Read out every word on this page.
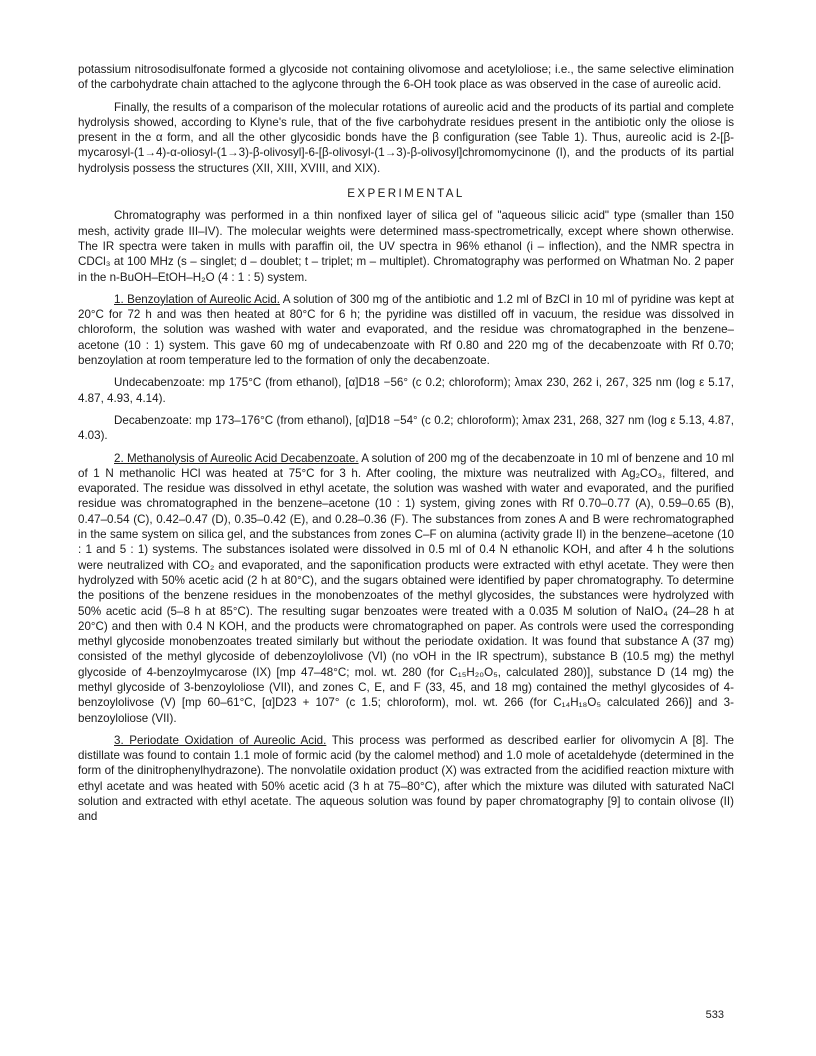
potassium nitrosodisulfonate formed a glycoside not containing olivomose and acetyloliose; i.e., the same selective elimination of the carbohydrate chain attached to the aglycone through the 6-OH took place as was observed in the case of aureolic acid.

Finally, the results of a comparison of the molecular rotations of aureolic acid and the products of its partial and complete hydrolysis showed, according to Klyne's rule, that of the five carbohydrate residues present in the antibiotic only the oliose is present in the α form, and all the other glycosidic bonds have the β configuration (see Table 1). Thus, aureolic acid is 2-[β-mycarosyl-(1→4)-α-oliosyl-(1→3)-β-olivosyl]-6-[β-olivosyl-(1→3)-β-olivosyl]chromomycinone (I), and the products of its partial hydrolysis possess the structures (XII, XIII, XVIII, and XIX).

EXPERIMENTAL

Chromatography was performed in a thin nonfixed layer of silica gel of "aqueous silicic acid" type (smaller than 150 mesh, activity grade III–IV). The molecular weights were determined mass-spectrometrically, except where shown otherwise. The IR spectra were taken in mulls with paraffin oil, the UV spectra in 96% ethanol (i – inflection), and the NMR spectra in CDCl₃ at 100 MHz (s – singlet; d – doublet; t – triplet; m – multiplet). Chromatography was performed on Whatman No. 2 paper in the n-BuOH–EtOH–H₂O (4 : 1 : 5) system.

1. Benzoylation of Aureolic Acid. A solution of 300 mg of the antibiotic and 1.2 ml of BzCl in 10 ml of pyridine was kept at 20°C for 72 h and was then heated at 80°C for 6 h; the pyridine was distilled off in vacuum, the residue was dissolved in chloroform, the solution was washed with water and evaporated, and the residue was chromatographed in the benzene–acetone (10 : 1) system. This gave 60 mg of undecabenzoate with Rf 0.80 and 220 mg of the decabenzoate with Rf 0.70; benzoylation at room temperature led to the formation of only the decabenzoate.

Undecabenzoate: mp 175°C (from ethanol), [α]D18 −56° (c 0.2; chloroform); λmax 230, 262 i, 267, 325 nm (log ε 5.17, 4.87, 4.93, 4.14).

Decabenzoate: mp 173–176°C (from ethanol), [α]D18 −54° (c 0.2; chloroform); λmax 231, 268, 327 nm (log ε 5.13, 4.87, 4.03).

2. Methanolysis of Aureolic Acid Decabenzoate. A solution of 200 mg of the decabenzoate in 10 ml of benzene and 10 ml of 1 N methanolic HCl was heated at 75°C for 3 h. After cooling, the mixture was neutralized with Ag₂CO₃, filtered, and evaporated. The residue was dissolved in ethyl acetate, the solution was washed with water and evaporated, and the purified residue was chromatographed in the benzene–acetone (10 : 1) system, giving zones with Rf 0.70–0.77 (A), 0.59–0.65 (B), 0.47–0.54 (C), 0.42–0.47 (D), 0.35–0.42 (E), and 0.28–0.36 (F). The substances from zones A and B were rechromatographed in the same system on silica gel, and the substances from zones C–F on alumina (activity grade II) in the benzene–acetone (10 : 1 and 5 : 1) systems. The substances isolated were dissolved in 0.5 ml of 0.4 N ethanolic KOH, and after 4 h the solutions were neutralized with CO₂ and evaporated, and the saponification products were extracted with ethyl acetate. They were then hydrolyzed with 50% acetic acid (2 h at 80°C), and the sugars obtained were identified by paper chromatography. To determine the positions of the benzene residues in the monobenzoates of the methyl glycosides, the substances were hydrolyzed with 50% acetic acid (5–8 h at 85°C). The resulting sugar benzoates were treated with a 0.035 M solution of NaIO₄ (24–28 h at 20°C) and then with 0.4 N KOH, and the products were chromatographed on paper. As controls were used the corresponding methyl glycoside monobenzoates treated similarly but without the periodate oxidation. It was found that substance A (37 mg) consisted of the methyl glycoside of debenzoylolivose (VI) (no νOH in the IR spectrum), substance B (10.5 mg) the methyl glycoside of 4-benzoylmycarose (IX) [mp 47–48°C; mol. wt. 280 (for C₁₅H₂₀O₅, calculated 280)], substance D (14 mg) the methyl glycoside of 3-benzoyloliose (VII), and zones C, E, and F (33, 45, and 18 mg) contained the methyl glycosides of 4-benzoylolivose (V) [mp 60–61°C, [α]D23 + 107° (c 1.5; chloroform), mol. wt. 266 (for C₁₄H₁₈O₅ calculated 266)] and 3-benzoyloliose (VII).

3. Periodate Oxidation of Aureolic Acid. This process was performed as described earlier for olivomycin A [8]. The distillate was found to contain 1.1 mole of formic acid (by the calomel method) and 1.0 mole of acetaldehyde (determined in the form of the dinitrophenylhydrazone). The nonvolatile oxidation product (X) was extracted from the acidified reaction mixture with ethyl acetate and was heated with 50% acetic acid (3 h at 75–80°C), after which the mixture was diluted with saturated NaCl solution and extracted with ethyl acetate. The aqueous solution was found by paper chromatography [9] to contain olivose (II) and

533
